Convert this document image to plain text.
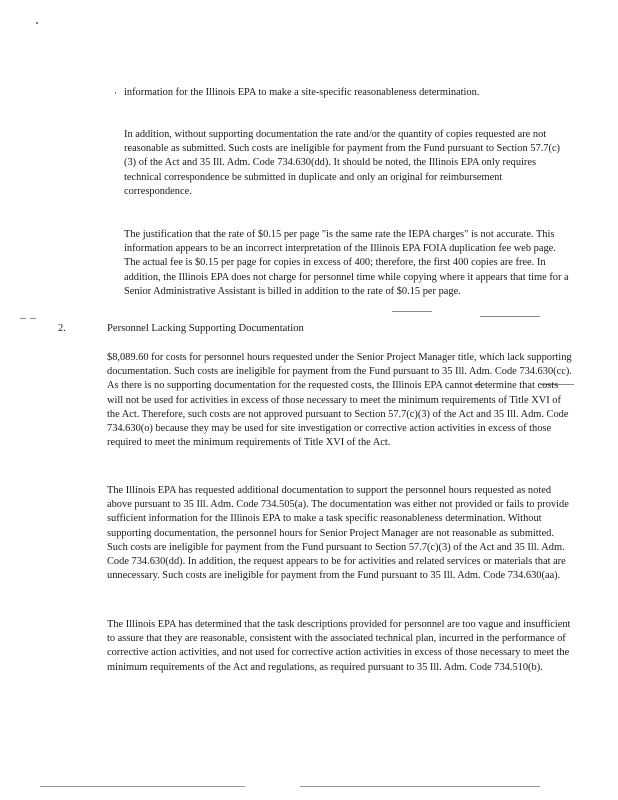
information for the Illinois EPA to make a site-specific reasonableness determination.

In addition, without supporting documentation the rate and/or the quantity of copies requested are not reasonable as submitted. Such costs are ineligible for payment from the Fund pursuant to Section 57.7(c)(3) of the Act and 35 Ill. Adm. Code 734.630(dd). It should be noted, the Illinois EPA only requires technical correspondence be submitted in duplicate and only an original for reimbursement correspondence.

The justification that the rate of $0.15 per page "is the same rate the IEPA charges" is not accurate. This information appears to be an incorrect interpretation of the Illinois EPA FOIA duplication fee web page. The actual fee is $0.15 per page for copies in excess of 400; therefore, the first 400 copies are free. In addition, the Illinois EPA does not charge for personnel time while copying where it appears that time for a Senior Administrative Assistant is billed in addition to the rate of $0.15 per page.

2.	Personnel Lacking Supporting Documentation

$8,089.60 for costs for personnel hours requested under the Senior Project Manager title, which lack supporting documentation. Such costs are ineligible for payment from the Fund pursuant to 35 Ill. Adm. Code 734.630(cc). As there is no supporting documentation for the requested costs, the Illinois EPA cannot determine that costs will not be used for activities in excess of those necessary to meet the minimum requirements of Title XVI of the Act. Therefore, such costs are not approved pursuant to Section 57.7(c)(3) of the Act and 35 Ill. Adm. Code 734.630(o) because they may be used for site investigation or corrective action activities in excess of those required to meet the minimum requirements of Title XVI of the Act.

The Illinois EPA has requested additional documentation to support the personnel hours requested as noted above pursuant to 35 Ill. Adm. Code 734.505(a). The documentation was either not provided or fails to provide sufficient information for the Illinois EPA to make a task specific reasonableness determination. Without supporting documentation, the personnel hours for Senior Project Manager are not reasonable as submitted. Such costs are ineligible for payment from the Fund pursuant to Section 57.7(c)(3) of the Act and 35 Ill. Adm. Code 734.630(dd). In addition, the request appears to be for activities and related services or materials that are unnecessary. Such costs are ineligible for payment from the Fund pursuant to 35 Ill. Adm. Code 734.630(aa).

The Illinois EPA has determined that the task descriptions provided for personnel are too vague and insufficient to assure that they are reasonable, consistent with the associated technical plan, incurred in the performance of corrective action activities, and not used for corrective action activities in excess of those necessary to meet the minimum requirements of the Act and regulations, as required pursuant to 35 Ill. Adm. Code 734.510(b).
